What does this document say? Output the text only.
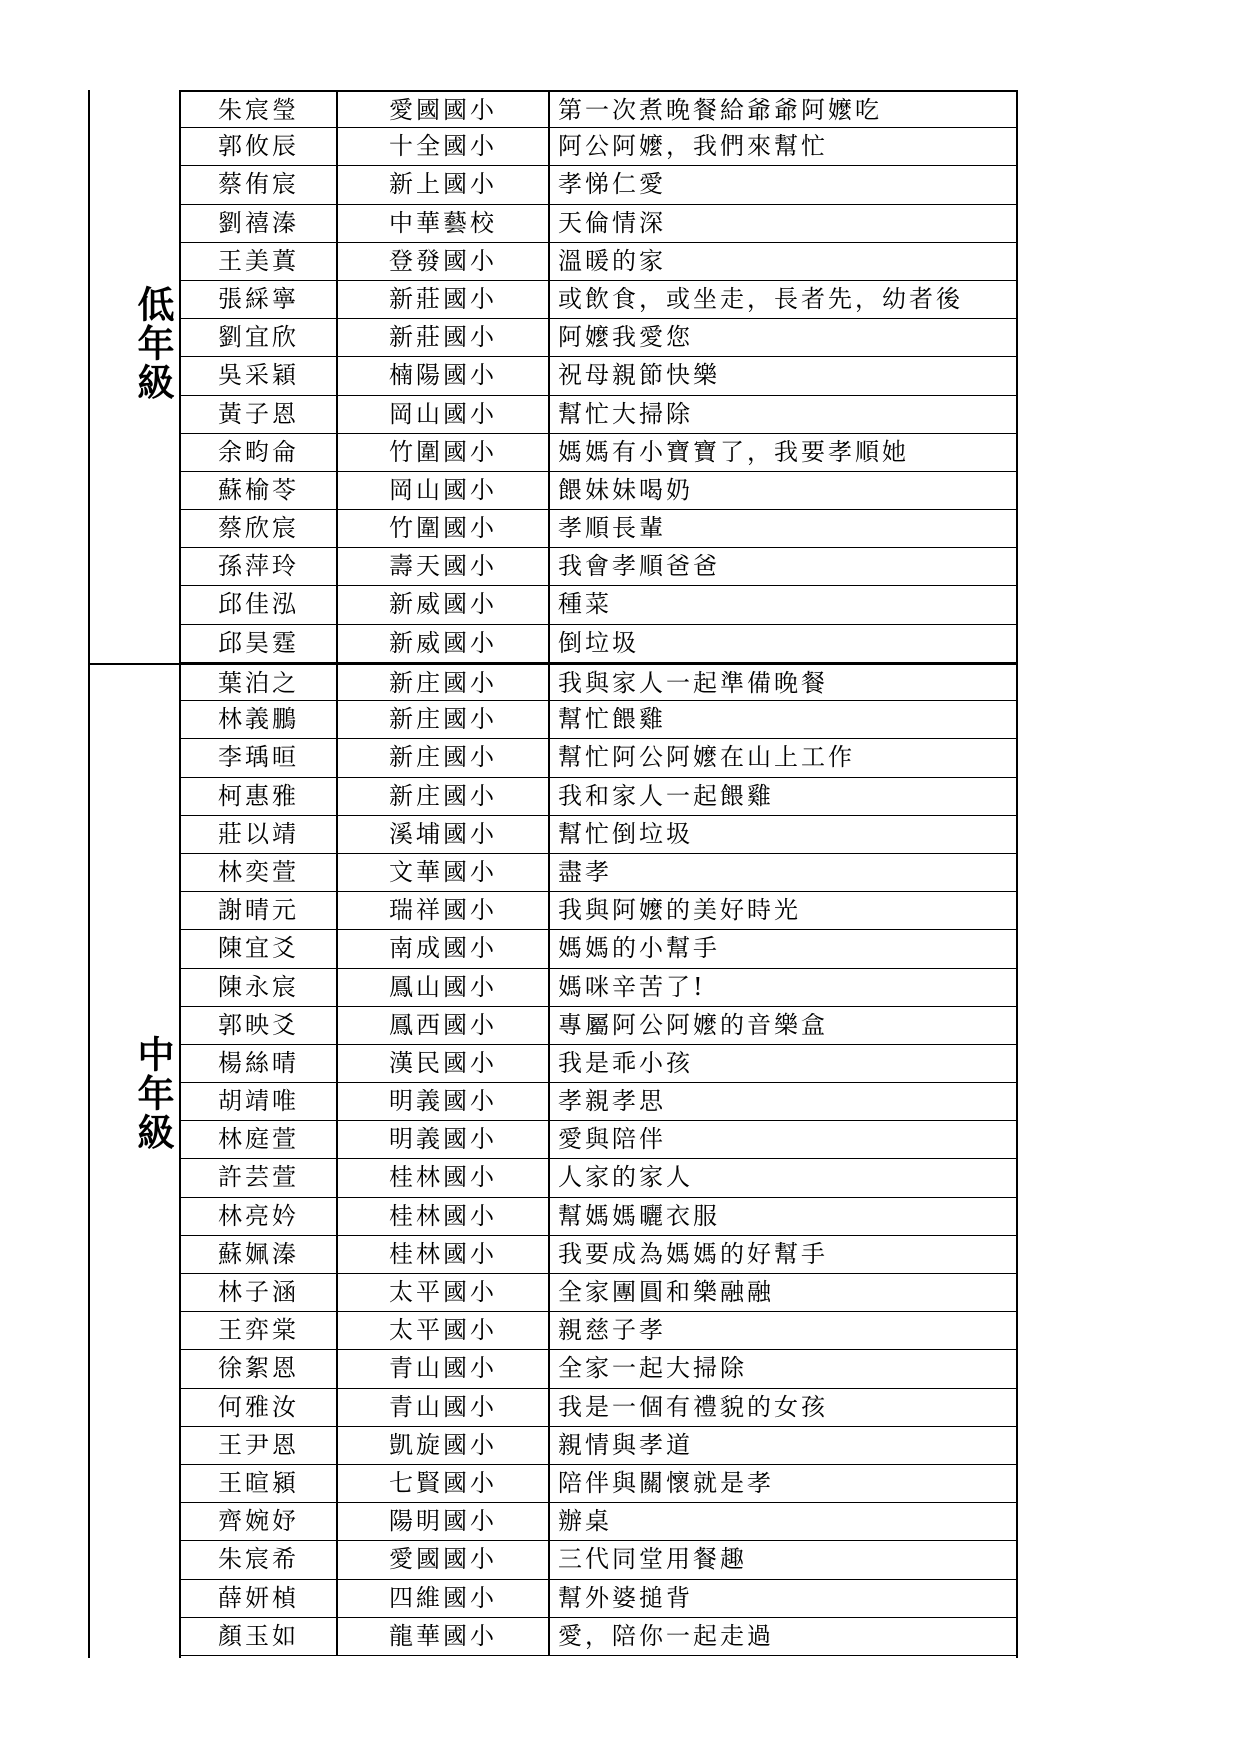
低年級
朱宸瑩	愛國國小	第一次煮晚餐給爺爺阿嬤吃
郭攸辰	十全國小	阿公阿嬤，我們來幫忙
蔡侑宸	新上國小	孝悌仁愛
劉禧溱	中華藝校	天倫情深
王美蒖	登發國小	溫暖的家
張綵寧	新莊國小	或飲食，或坐走，長者先，幼者後
劉宜欣	新莊國小	阿嬤我愛您
吳采穎	楠陽國小	祝母親節快樂
黃子恩	岡山國小	幫忙大掃除
余畇侖	竹圍國小	媽媽有小寶寶了，我要孝順她
蘇榆苓	岡山國小	餵妹妹喝奶
蔡欣宸	竹圍國小	孝順長輩
孫萍玲	壽天國小	我會孝順爸爸
邱佳泓	新威國小	種菜
邱昊霆	新威國小	倒垃圾
中年級
葉泊之	新庄國小	我與家人一起準備晚餐
林義鵬	新庄國小	幫忙餵雞
李瑀晅	新庄國小	幫忙阿公阿嬤在山上工作
柯惠雅	新庄國小	我和家人一起餵雞
莊以靖	溪埔國小	幫忙倒垃圾
林奕萱	文華國小	盡孝
謝晴元	瑞祥國小	我與阿嬤的美好時光
陳宜爻	南成國小	媽媽的小幫手
陳永宸	鳳山國小	媽咪辛苦了!
郭映爻	鳳西國小	專屬阿公阿嬤的音樂盒
楊絲晴	漢民國小	我是乖小孩
胡靖唯	明義國小	孝親孝思
林庭萱	明義國小	愛與陪伴
許芸萱	桂林國小	人家的家人
林亮妗	桂林國小	幫媽媽曬衣服
蘇姵溱	桂林國小	我要成為媽媽的好幫手
林子涵	太平國小	全家團圓和樂融融
王弈棠	太平國小	親慈子孝
徐絮恩	青山國小	全家一起大掃除
何雅汝	青山國小	我是一個有禮貌的女孩
王尹恩	凱旋國小	親情與孝道
王暄潁	七賢國小	陪伴與關懷就是孝
齊婉妤	陽明國小	辦桌
朱宸希	愛國國小	三代同堂用餐趣
薛妍楨	四維國小	幫外婆搥背
顏玉如	龍華國小	愛，陪你一起走過
